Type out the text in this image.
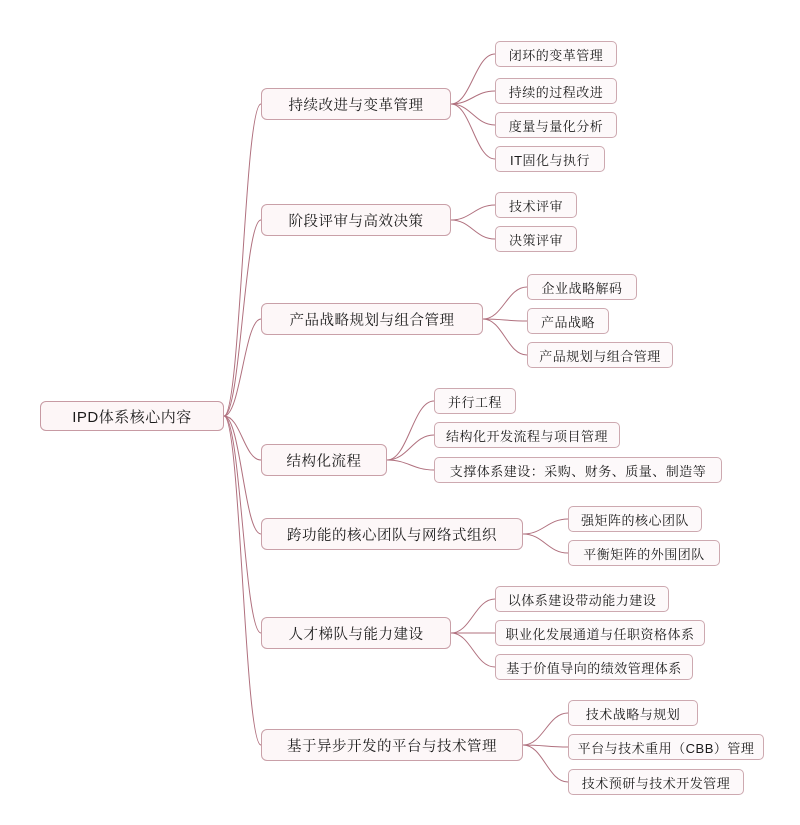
IPD体系核心内容
持续改进与变革管理
闭环的变革管理
持续的过程改进
度量与量化分析
IT固化与执行
阶段评审与高效决策
技术评审
决策评审
产品战略规划与组合管理
企业战略解码
产品战略
产品规划与组合管理
结构化流程
并行工程
结构化开发流程与项目管理
支撑体系建设：采购、财务、质量、制造等
跨功能的核心团队与网络式组织
强矩阵的核心团队
平衡矩阵的外围团队
人才梯队与能力建设
以体系建设带动能力建设
职业化发展通道与任职资格体系
基于价值导向的绩效管理体系
基于异步开发的平台与技术管理
技术战略与规划
平台与技术重用（CBB）管理
技术预研与技术开发管理
